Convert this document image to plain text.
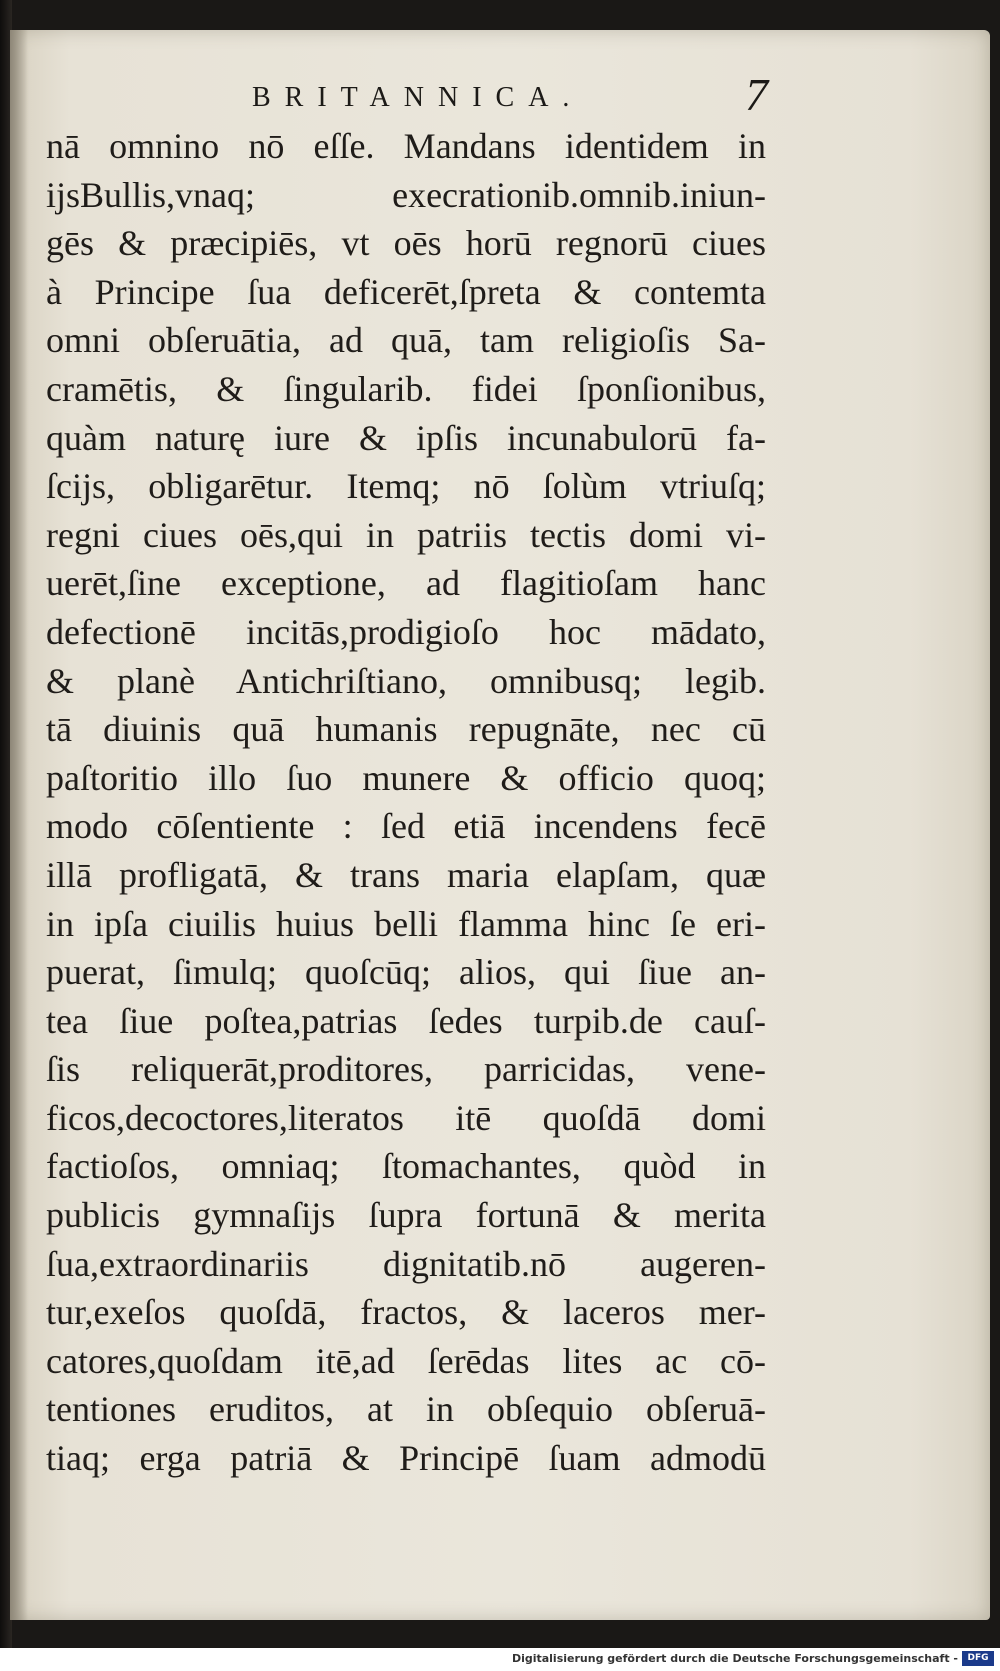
BRITANNICA.	7
nā omnino nō eſſe. Mandans identidem in
ijsBullis,vnaq; execrationib.omnib.iniun-
gēs & præcipiēs, vt oēs horū regnorū ciues
à Principe ſua deficerēt,ſpreta & contemta
omni obſeruātia, ad quā, tam religioſis Sa-
cramētis, & ſingularib. fidei ſponſionibus,
quàm naturę iure & ipſis incunabulorū fa-
ſcijs, obligarētur. Itemq; nō ſolùm vtriuſq;
regni ciues oēs,qui in patriis tectis domi vi-
uerēt,ſine exceptione, ad flagitioſam hanc
defectionē incitās,prodigioſo hoc mādato,
& planè Antichriſtiano, omnibusq; legib.
tā diuinis quā humanis repugnāte, nec cū
paſtoritio illo ſuo munere & officio quoq;
modo cōſentiente : ſed etiā incendens fecē
illā profligatā, & trans maria elapſam, quæ
in ipſa ciuilis huius belli flamma hinc ſe eri-
puerat, ſimulq; quoſcūq; alios, qui ſiue an-
tea ſiue poſtea,patrias ſedes turpib.de cauſ-
ſis reliquerāt,proditores, parricidas, vene-
ficos,decoctores,literatos itē quoſdā domi
factioſos, omniaq; ſtomachantes, quòd in
publicis gymnaſijs ſupra fortunā & merita
ſua,extraordinariis dignitatib.nō augeren-
tur,exeſos quoſdā, fractos, & laceros mer-
catores,quoſdam itē,ad ſerēdas lites ac cō-
tentiones eruditos, at in obſequio obſeruā-
tiaq; erga patriā & Principē ſuam admodū
Digitalisierung gefördert durch die Deutsche Forschungsgemeinschaft -	DFG
